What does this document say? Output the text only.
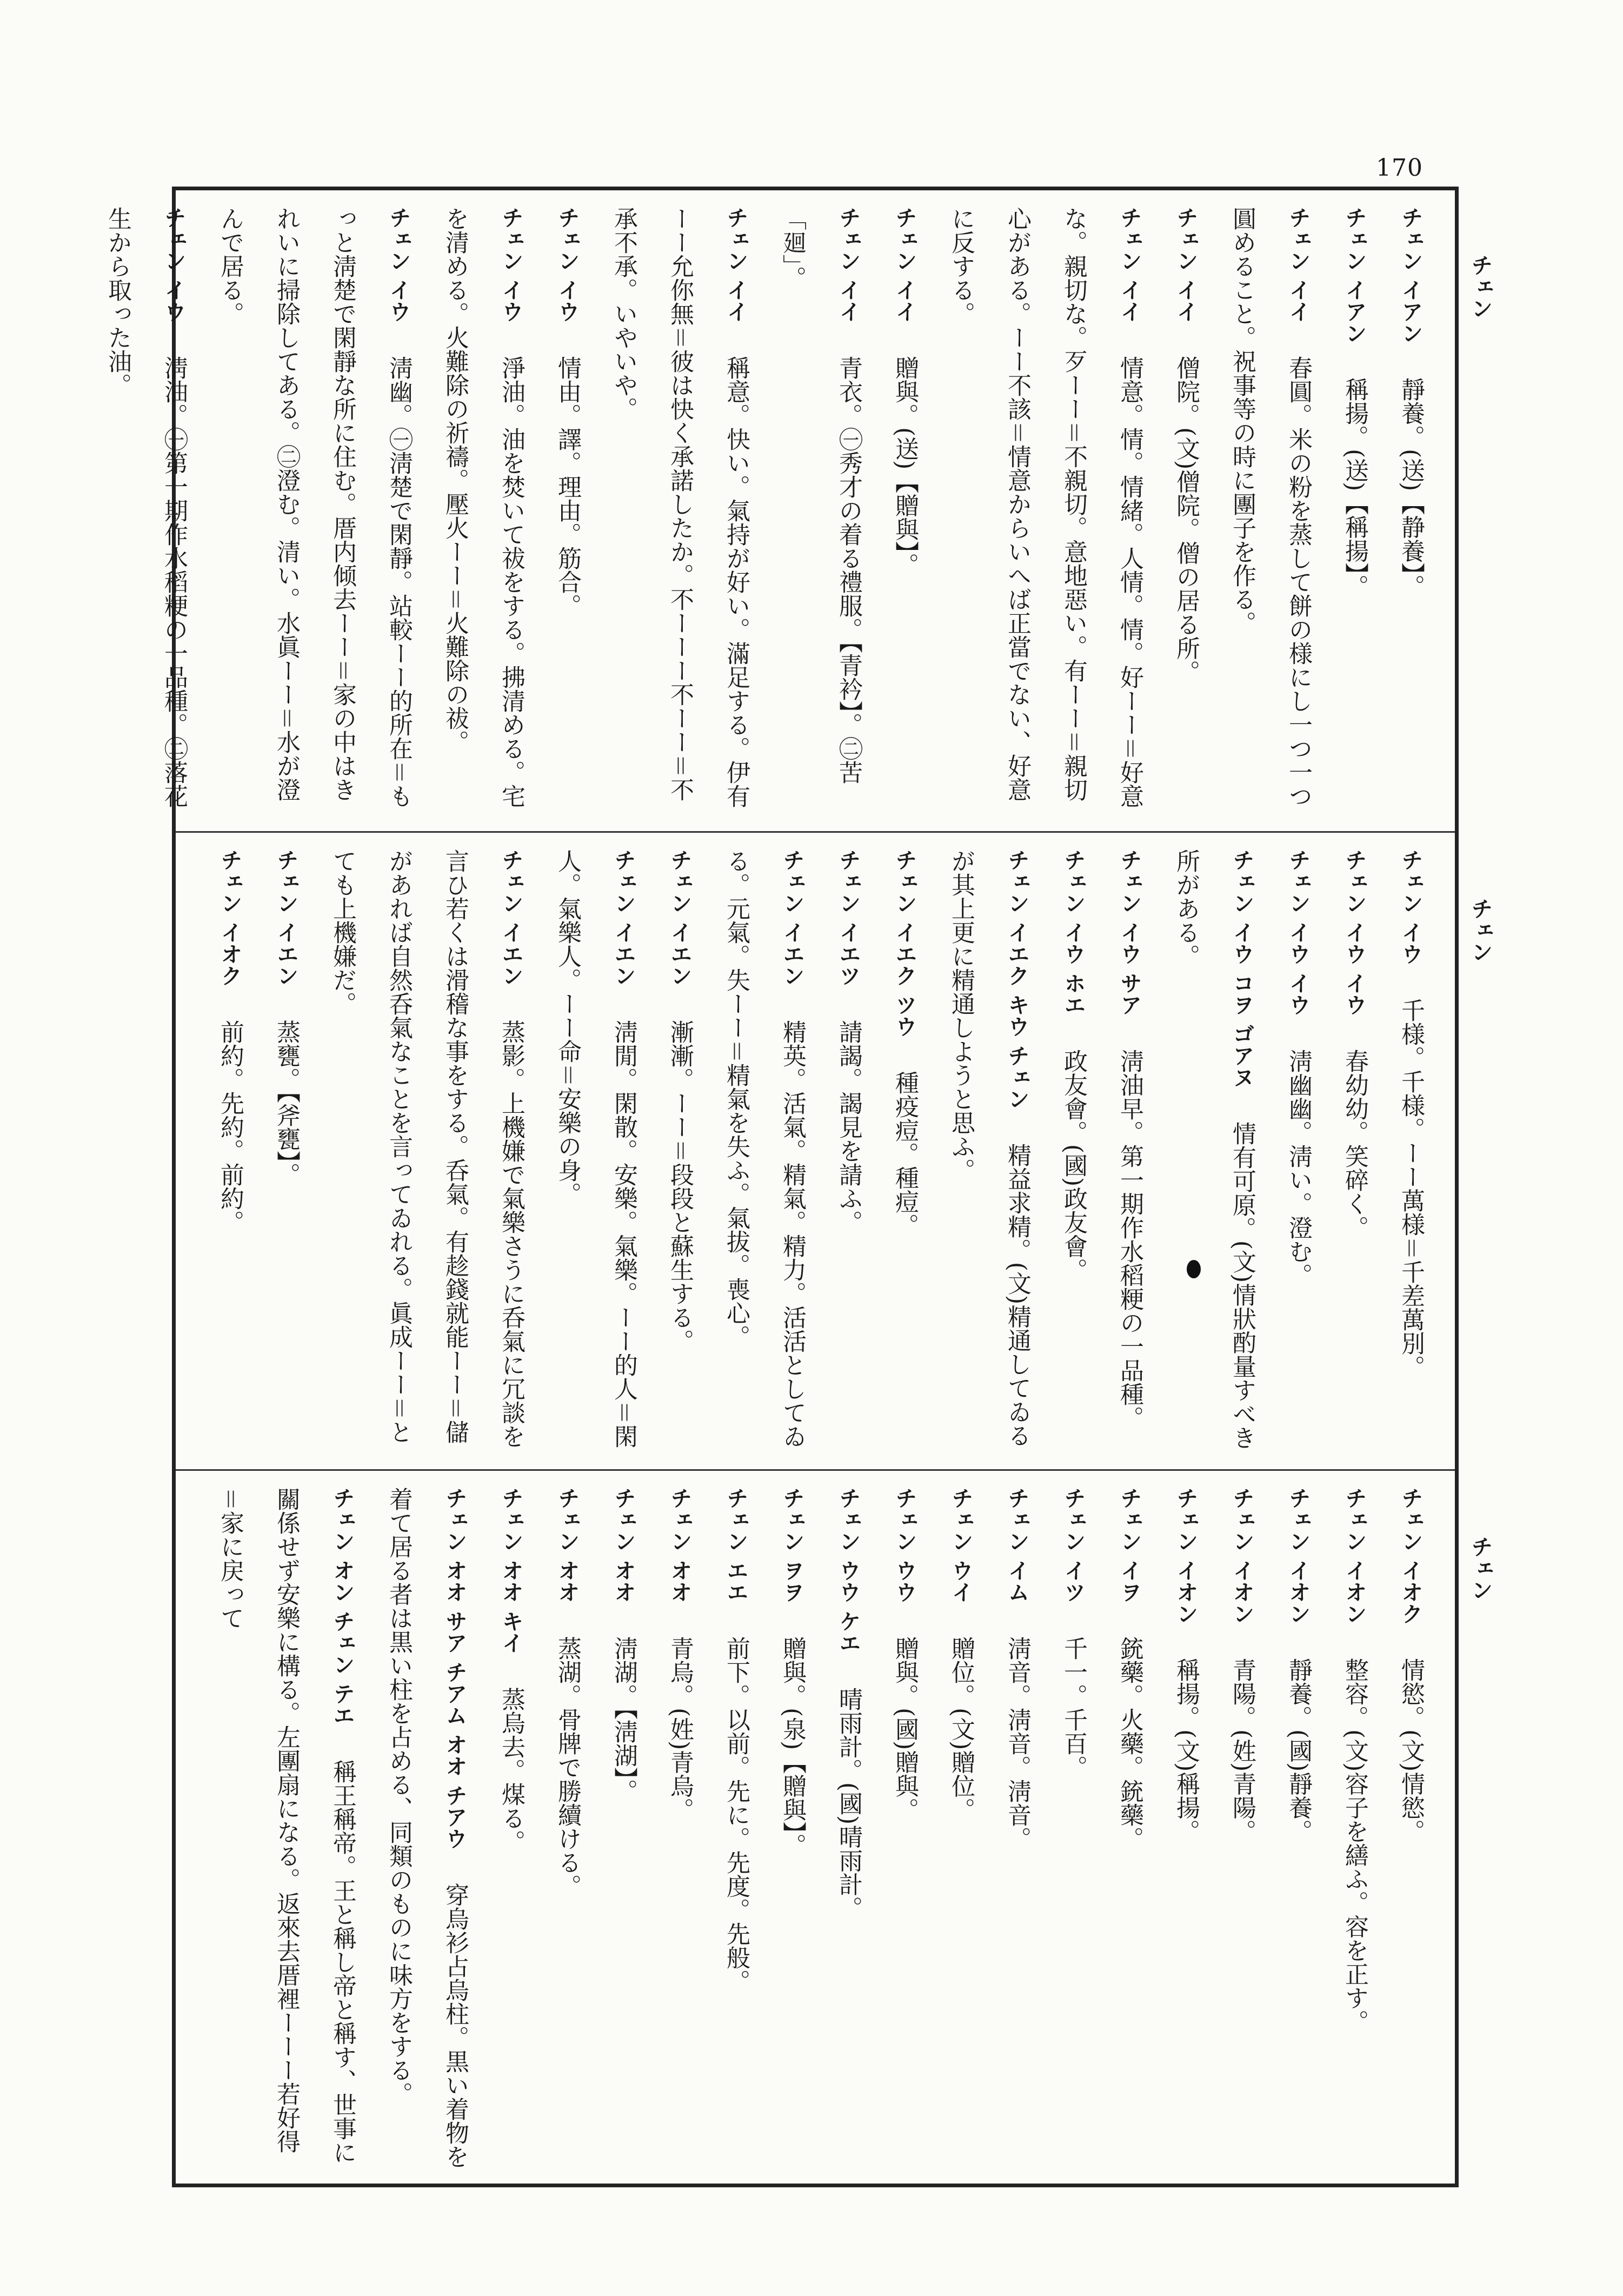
170
チェン
チェン
チェン
チェン イアン　靜養。(送)【静養】。
チェン イアン　稱揚。(送)【稱揚】。
チェン イイ　春圓。米の粉を蒸して餅の様にし一つ一つ圓めること。祝事等の時に團子を作る。
チェン イイ　僧院。(文)僧院。僧の居る所。
チェン イイ　情意。情。情緒。人情。情。好ーー＝好意な。親切な。歹ーー＝不親切。意地惡い。有ーー＝親切心がある。ーー不該＝情意からいへば正當でない、好意に反する。
チェン イイ　贈與。(送)【贈與】。
チェン イイ　青衣。㊀秀才の着る禮服。【青衿】。㊁苦「廻」。
チェン イイ　稱意。快い。氣持が好い。滿足する。伊有ーー允你無＝彼は快く承諾したか。不ーーー不ーー＝不承不承。いやいや。
チェン イウ　情由。譯。理由。筋合。
チェン イウ　淨油。油を焚いて祓をする。拂清める。宅を清める。火難除の祈禱。壓火ーー＝火難除の祓。
チェン イウ　淸幽。㊀淸楚で閑靜。站較ーー的所在＝もっと淸楚で閑靜な所に住む。厝内倾去ーー＝家の中はきれいに掃除してある。㊁澄む。清い。水眞ーー＝水が澄んで居る。
チェン イウ　淸油。㊀第一期作水稻粳の一品種。㊁落花生から取った油。
チェン イウ　千様。千様。ーー萬様＝千差萬別。
チェン イウ イウ　春幼幼。笑碎く。
チェン イウ イウ　淸幽幽。淸い。澄む。
チェン イウ コヲ ゴアヌ　情有可原。(文)情狀酌量すべき所がある。
チェン イウ サア　淸油早。第一期作水稻粳の一品種。
チェン イウ ホエ　政友會。(國)政友會。
チェン イエク キウ チェン　精益求精。(文)精通してゐるが其上更に精通しようと思ふ。
チェン イエク ツウ　種疫痘。種痘。
チェン イエツ　請謁。謁見を請ふ。
チェン イエン　精英。活氣。精氣。精力。活活としてゐる。元氣。失ーー＝精氣を失ふ。氣拔。喪心。
チェン イエン　漸漸。ーー＝段段と蘇生する。
チェン イエン　淸閒。閑散。安樂。氣樂。ーー的人＝閑人。氣樂人。ーー命＝安樂の身。
チェン イエン　蒸影。上機嫌で氣樂さうに呑氣に冗談を言ひ若くは滑稽な事をする。呑氣。有趁錢就能ーー＝儲があれば自然呑氣なことを言ってゐれる。眞成ーー＝とても上機嫌だ。
チェン イエン　蒸甕。【斧甕】。
チェン イオク　前約。先約。前約。
チェン イオク　情慾。(文)情慾。
チェン イオン　整容。(文)容子を繕ふ。容を正す。
チェン イオン　靜養。(國)靜養。
チェン イオン　青陽。(姓)青陽。
チェン イオン　稱揚。(文)稱揚。
チェン イヲ　銃藥。火藥。銃藥。
チェン イツ　千一。千百。
チェン イム　淸音。淸音。淸音。
チェン ウイ　贈位。(文)贈位。
チェン ウウ　贈與。(國)贈與。
チェン ウウ ケエ　晴雨計。(國)晴雨計。
チェン ヲヲ　贈與。(泉)【贈與】。
チェン エエ　前下。以前。先に。先度。先般。
チェン オオ　青烏。(姓)青烏。
チェン オオ　淸湖。【淸湖】。
チェン オオ　蒸湖。骨牌で勝續ける。
チェン オオ キイ　蒸烏去。煤る。
チェン オオ サア チアム オオ チアウ　穿烏衫占烏柱。黒い着物を着て居る者は黒い柱を占める、同類のものに味方をする。
チェン オン チェン テエ　稱王稱帝。王と稱し帝と稱す、世事に關係せず安樂に構る。左團扇になる。返來去厝裡ーーー若好得＝家に戻って
